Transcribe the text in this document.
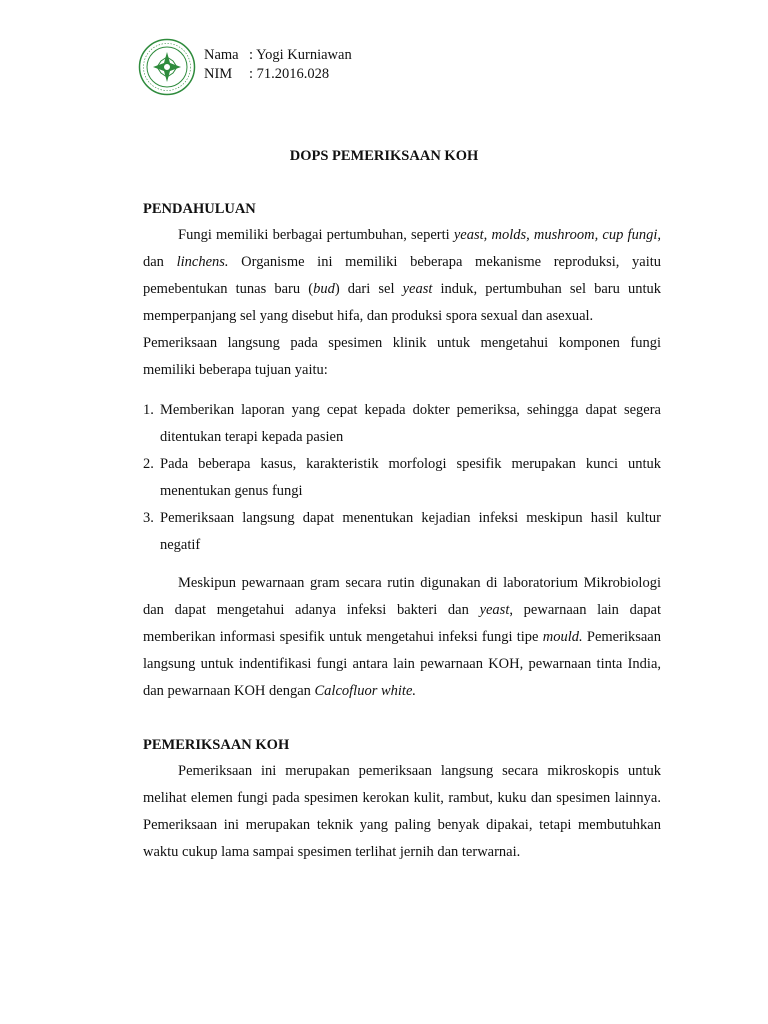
Nama : Yogi Kurniawan
NIM	: 71.2016.028
DOPS PEMERIKSAAN KOH
PENDAHULUAN

Fungi memiliki berbagai pertumbuhan, seperti yeast, molds, mushroom, cup fungi, dan linchens. Organisme ini memiliki beberapa mekanisme reproduksi, yaitu pemebentukan tunas baru (bud) dari sel yeast induk, pertumbuhan sel baru untuk memperpanjang sel yang disebut hifa, dan produksi spora sexual dan asexual.

Pemeriksaan langsung pada spesimen klinik untuk mengetahui komponen fungi memiliki beberapa tujuan yaitu:

1. Memberikan laporan yang cepat kepada dokter pemeriksa, sehingga dapat segera ditentukan terapi kepada pasien
2. Pada beberapa kasus, karakteristik morfologi spesifik merupakan kunci untuk menentukan genus fungi
3. Pemeriksaan langsung dapat menentukan kejadian infeksi meskipun hasil kultur negatif

Meskipun pewarnaan gram secara rutin digunakan di laboratorium Mikrobiologi dan dapat mengetahui adanya infeksi bakteri dan yeast, pewarnaan lain dapat memberikan informasi spesifik untuk mengetahui infeksi fungi tipe mould. Pemeriksaan langsung untuk indentifikasi fungi antara lain pewarnaan KOH, pewarnaan tinta India, dan pewarnaan KOH dengan Calcofluor white.

PEMERIKSAAN KOH

Pemeriksaan ini merupakan pemeriksaan langsung secara mikroskopis untuk melihat elemen fungi pada spesimen kerokan kulit, rambut, kuku dan spesimen lainnya. Pemeriksaan ini merupakan teknik yang paling benyak dipakai, tetapi membutuhkan waktu cukup lama sampai spesimen terlihat jernih dan terwarnai.
